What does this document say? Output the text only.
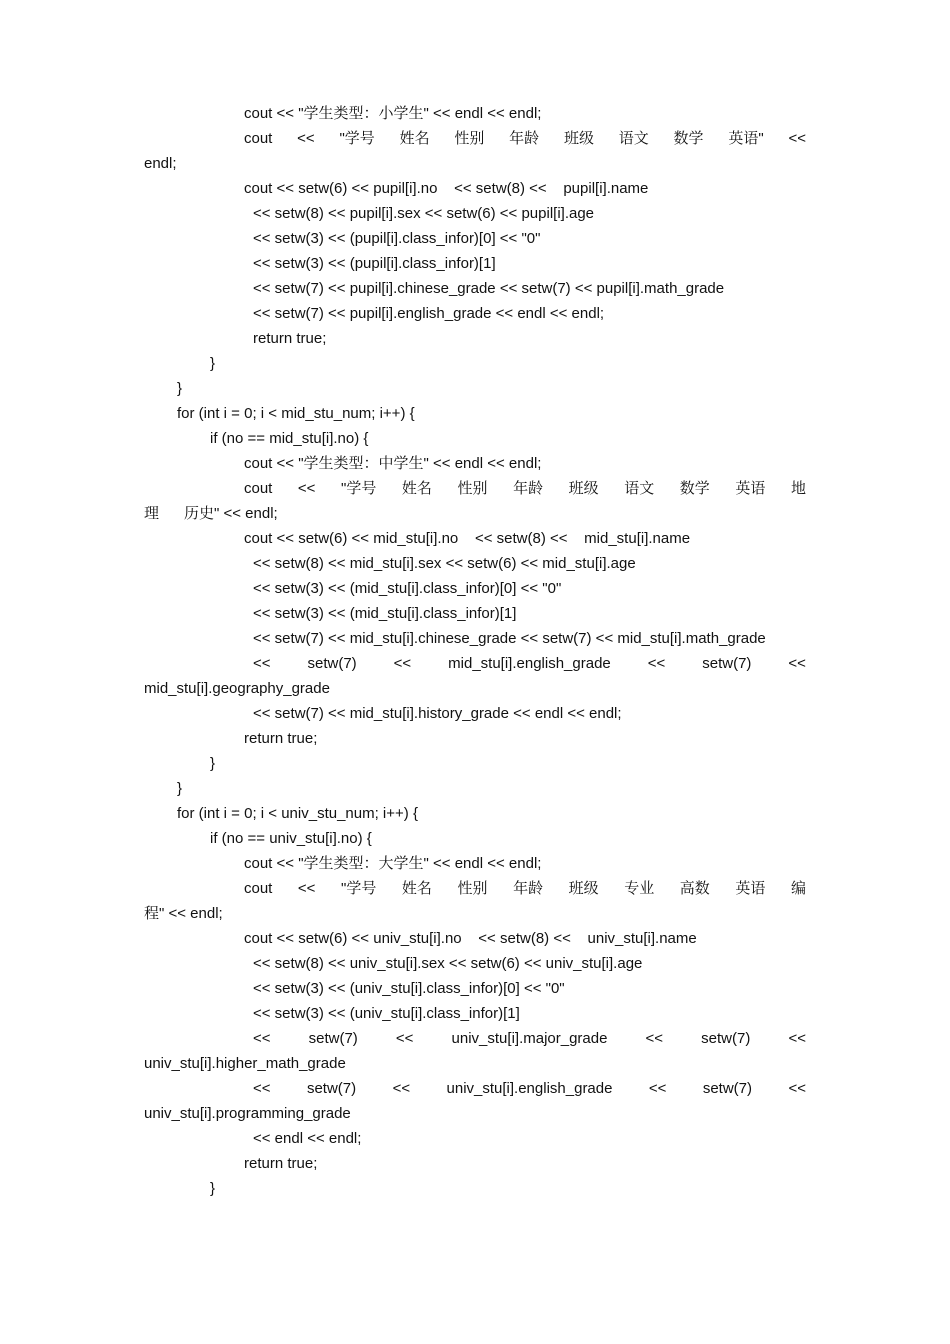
cout << "学生类型：小学生" << endl << endl;
cout << "学号 姓名 性别 年龄 班级 语文 数学 英语" <<
endl;
cout << setw(6) << pupil[i].no    << setw(8) <<    pupil[i].name
<< setw(8) << pupil[i].sex << setw(6) << pupil[i].age
<< setw(3) << (pupil[i].class_infor)[0] << "0"
<< setw(3) << (pupil[i].class_infor)[1]
<< setw(7) << pupil[i].chinese_grade << setw(7) << pupil[i].math_grade
<< setw(7) << pupil[i].english_grade << endl << endl;
return true;
}
}
for (int i = 0; i < mid_stu_num; i++) {
if (no == mid_stu[i].no) {
cout << "学生类型：中学生" << endl << endl;
cout << "学号 姓名 性别 年龄 班级 语文 数学 英语 地
理      历史" << endl;
cout << setw(6) << mid_stu[i].no    << setw(8) <<    mid_stu[i].name
<< setw(8) << mid_stu[i].sex << setw(6) << mid_stu[i].age
<< setw(3) << (mid_stu[i].class_infor)[0] << "0"
<< setw(3) << (mid_stu[i].class_infor)[1]
<< setw(7) << mid_stu[i].chinese_grade << setw(7) << mid_stu[i].math_grade
<< setw(7) << mid_stu[i].english_grade << setw(7) <<
mid_stu[i].geography_grade
<< setw(7) << mid_stu[i].history_grade << endl << endl;
return true;
}
}
for (int i = 0; i < univ_stu_num; i++) {
if (no == univ_stu[i].no) {
cout << "学生类型：大学生" << endl << endl;
cout << "学号 姓名 性别 年龄 班级 专业 高数 英语 编
程" << endl;
cout << setw(6) << univ_stu[i].no    << setw(8) <<    univ_stu[i].name
<< setw(8) << univ_stu[i].sex << setw(6) << univ_stu[i].age
<< setw(3) << (univ_stu[i].class_infor)[0] << "0"
<< setw(3) << (univ_stu[i].class_infor)[1]
<<	setw(7)	<<	univ_stu[i].major_grade	<<	setw(7)	<<
univ_stu[i].higher_math_grade
<< setw(7) << univ_stu[i].english_grade << setw(7) <<
univ_stu[i].programming_grade
<< endl << endl;
return true;
}
